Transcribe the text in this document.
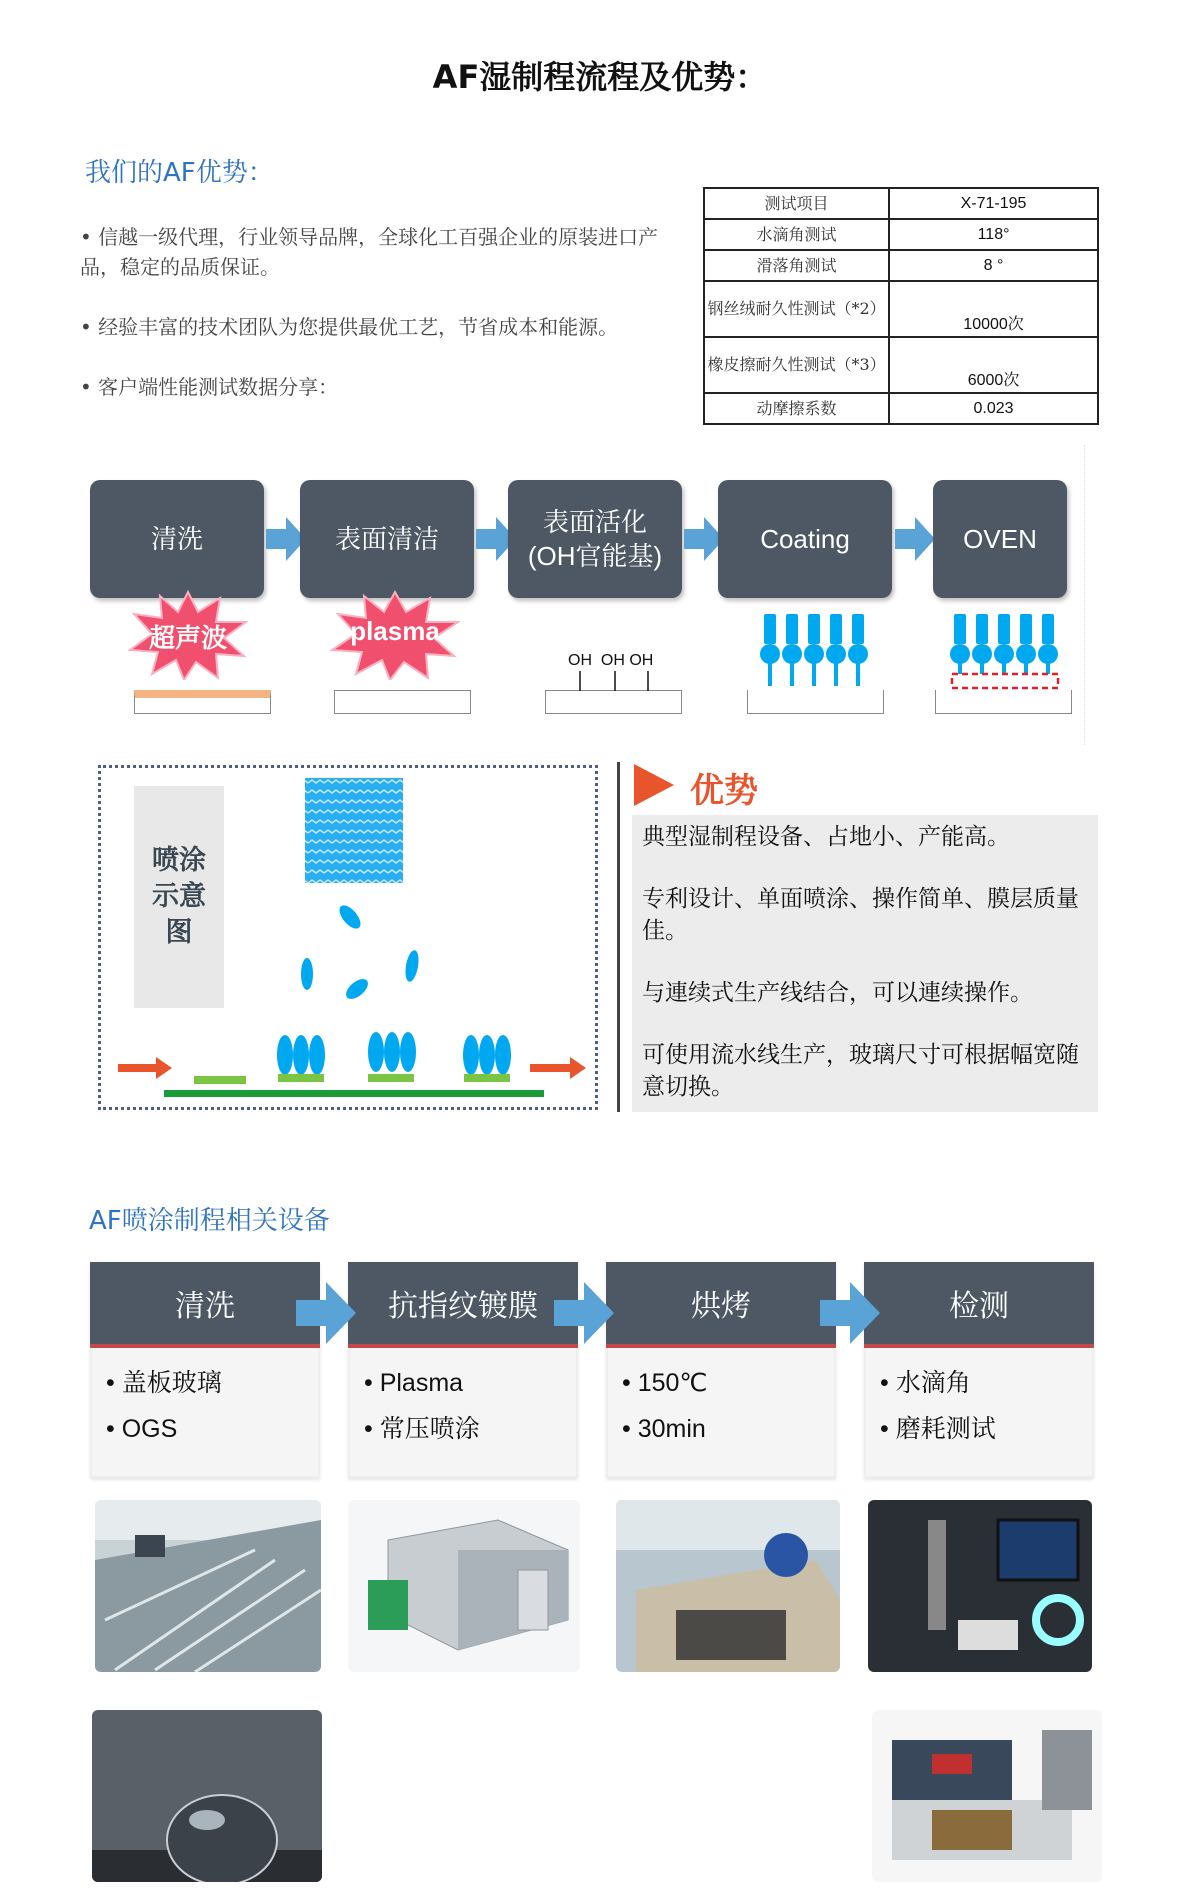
AF湿制程流程及优势：
我们的AF优势：
• 信越一级代理，行业领导品牌，全球化工百强企业的原装进口产品，稳定的品质保证。
• 经验丰富的技术团队为您提供最优工艺，节省成本和能源。
• 客户端性能测试数据分享：
测试项目	X-71-195
水滴角测试	118°
滑落角测试	8 °
钢丝绒耐久性测试（*2）	10000次
橡皮擦耐久性测试（*3）	6000次
动摩擦系数	0.023
清洗	表面清洁
表面活化
(OH官能基)
Coating	OVEN
超声波	plasma
OH  OH OH
喷涂示意图
优势
典型湿制程设备、占地小、产能高。
专利设计、单面喷涂、操作简单、膜层质量佳。
与連续式生产线结合，可以連续操作。
可使用流水线生产，玻璃尺寸可根据幅宽随意切换。
AF喷涂制程相关设备
清洗
• 盖板玻璃
• OGS
抗指纹镀膜
• Plasma
• 常压喷涂
烘烤
• 150℃
• 30min
检测
• 水滴角
• 磨耗测试
